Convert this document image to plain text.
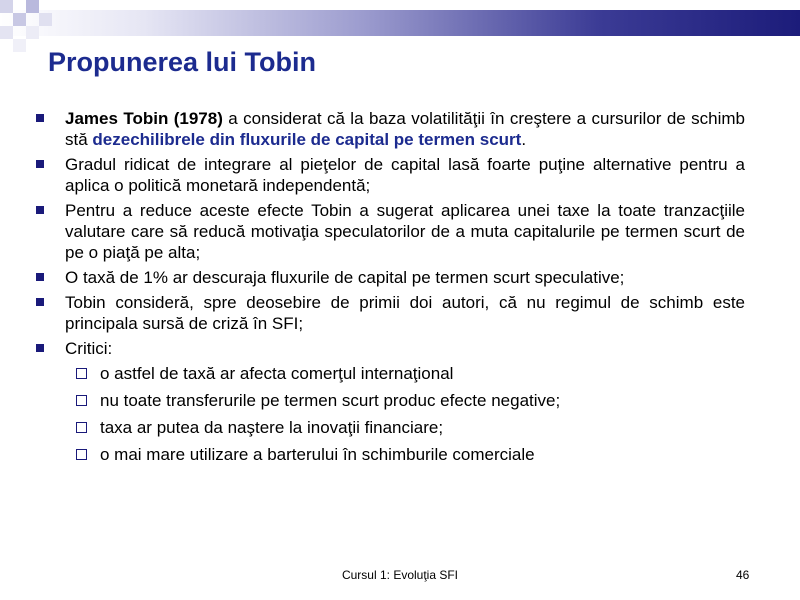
Propunerea lui Tobin
James Tobin (1978) a considerat că la baza volatilităţii în creştere a cursurilor de schimb stă dezechilibrele din fluxurile de capital pe termen scurt.
Gradul ridicat de integrare al pieţelor de capital lasă foarte puţine alternative pentru a aplica o politică monetară independentă;
Pentru a reduce aceste efecte Tobin a sugerat aplicarea unei taxe la toate tranzacţiile valutare care să reducă motivaţia speculatorilor de a muta capitalurile pe termen scurt de pe o piaţă pe alta;
O taxă de 1% ar descuraja fluxurile de capital pe termen scurt speculative;
Tobin consideră, spre deosebire de primii doi autori, că nu regimul de schimb este principala sursă de criză în SFI;
Critici:
o astfel de taxă ar afecta comerţul internaţional
nu toate transferurile pe termen scurt produc efecte negative;
taxa ar putea da naştere la inovaţii financiare;
o mai mare utilizare a barterului în schimburile comerciale
Cursul 1: Evoluţia SFI	46
